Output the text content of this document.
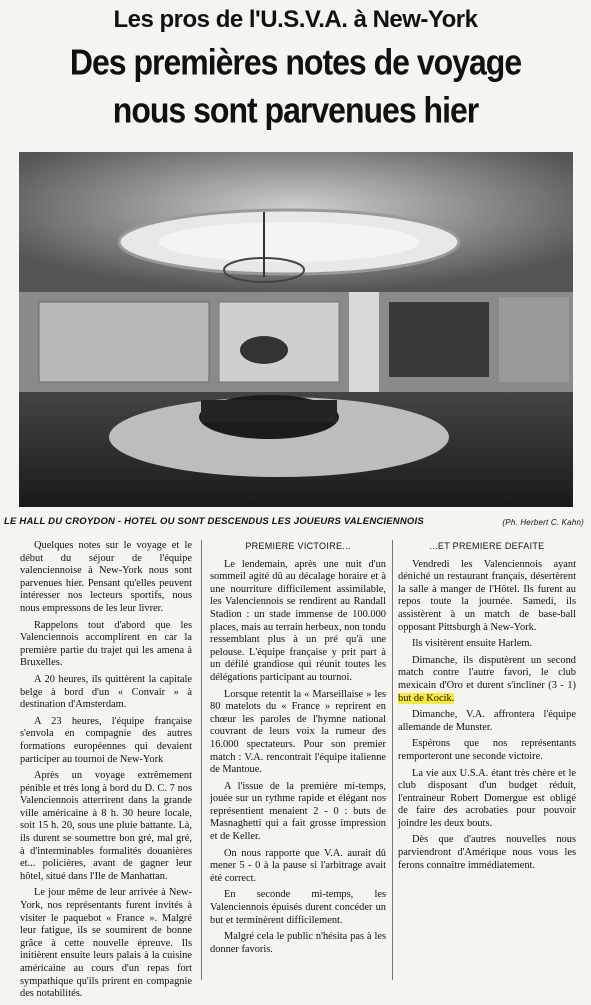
Les pros de l'U.S.V.A. à New-York
Des premières notes de voyage
nous sont parvenues hier
LE HALL DU CROYDON - HOTEL OU SONT DESCENDUS LES JOUEURS VALENCIENNOIS	(Ph. Herbert C. Kahn)

Quelques notes sur le voyage et le début du séjour de l'équipe valenciennoise à New-York nous sont parvenues hier. Pensant qu'elles peuvent intéresser nos lecteurs sportifs, nous nous empressons de les leur livrer.

Rappelons tout d'abord que les Valenciennois accomplirent en car la première partie du trajet qui les amena à Bruxelles.

A 20 heures, ils quittèrent la capitale belge à bord d'un « Convair » à destination d'Amsterdam.

A 23 heures, l'équipe française s'envola en compagnie des autres formations européennes qui devaient participer au tournoi de New-York

Après un voyage extrêmement pénible et très long à bord du D. C. 7 nos Valenciennois atterrirent dans la grande ville américaine à 8 h. 30 heure locale, soit 15 h. 20, sous une pluie battante. Là, ils durent se soumettre bon gré, mal gré, à d'interminables formalités douanières et... policières, avant de gagner leur hôtel, situé dans l'Ile de Manhattan.

Le jour même de leur arrivée à New-York, nos représentants furent invités à visiter le paquebot « France ». Malgré leur fatigue, ils se soumirent de bonne grâce à cette nouvelle épreuve. Ils initièrent ensuite leurs palais à la cuisine américaine au cours d'un repas fort sympathique qu'ils prirent en compagnie des notabilités.

PREMIERE VICTOIRE...

Le lendemain, après une nuit d'un sommeil agité dû au décalage horaire et à une nourriture difficilement assimilable, les Valenciennois se rendirent au Randall Stadion : un stade immense de 100.000 places, mais au terrain herbeux, non tondu ressemblant plus à un pré qu'à une pelouse. L'équipe française y prit part à un défilé grandiose qui réunit toutes les délégations participant au tournoi.

Lorsque retentit la « Marseillaise » les 80 matelots du « France » reprirent en chœur les paroles de l'hymne national couvrant de leurs voix la rumeur des 16.000 spectateurs. Pour son premier match : V.A. rencontrait l'équipe italienne de Mantoue.

A l'issue de la première mi-temps, jouée sur un rythme rapide et élégant nos représentient menaient 2 - 0 : buts de Masnaghetti qui a fait grosse impression et de Keller.

On nous rapporte que V.A. aurait dû mener 5 - 0 à la pause si l'arbitrage avait été correct.

En seconde mi-temps, les Valenciennois épuisés durent concéder un but et terminèrent difficilement.

Malgré cela le public n'hésita pas à les donner favoris.

...ET PREMIERE DEFAITE

Vendredi les Valenciennois ayant déniché un restaurant français, désertèrent la salle à manger de l'Hôtel. Ils furent au repos toute la journée. Samedi, ils assistèrent à un match de base-ball opposant Pittsburgh à New-York.

Ils visitèrent ensuite Harlem.

Dimanche, ils disputèrent un second match contre l'autre favori, le club mexicain d'Oro et durent s'incliner (3 - 1) but de Kocik.

Dimanche, V.A. affrontera l'équipe allemande de Munster.

Espérons que nos représentants remporteront une seconde victoire.

La vie aux U.S.A. étant très chère et le club disposant d'un budget réduit, l'entraineur Robert Domergue est obligé de faire des acrobaties pour pouvoir joindre les deux bouts.

Dès que d'autres nouvelles nous parviendront d'Amérique nous vous les ferons connaître immédiatement.
